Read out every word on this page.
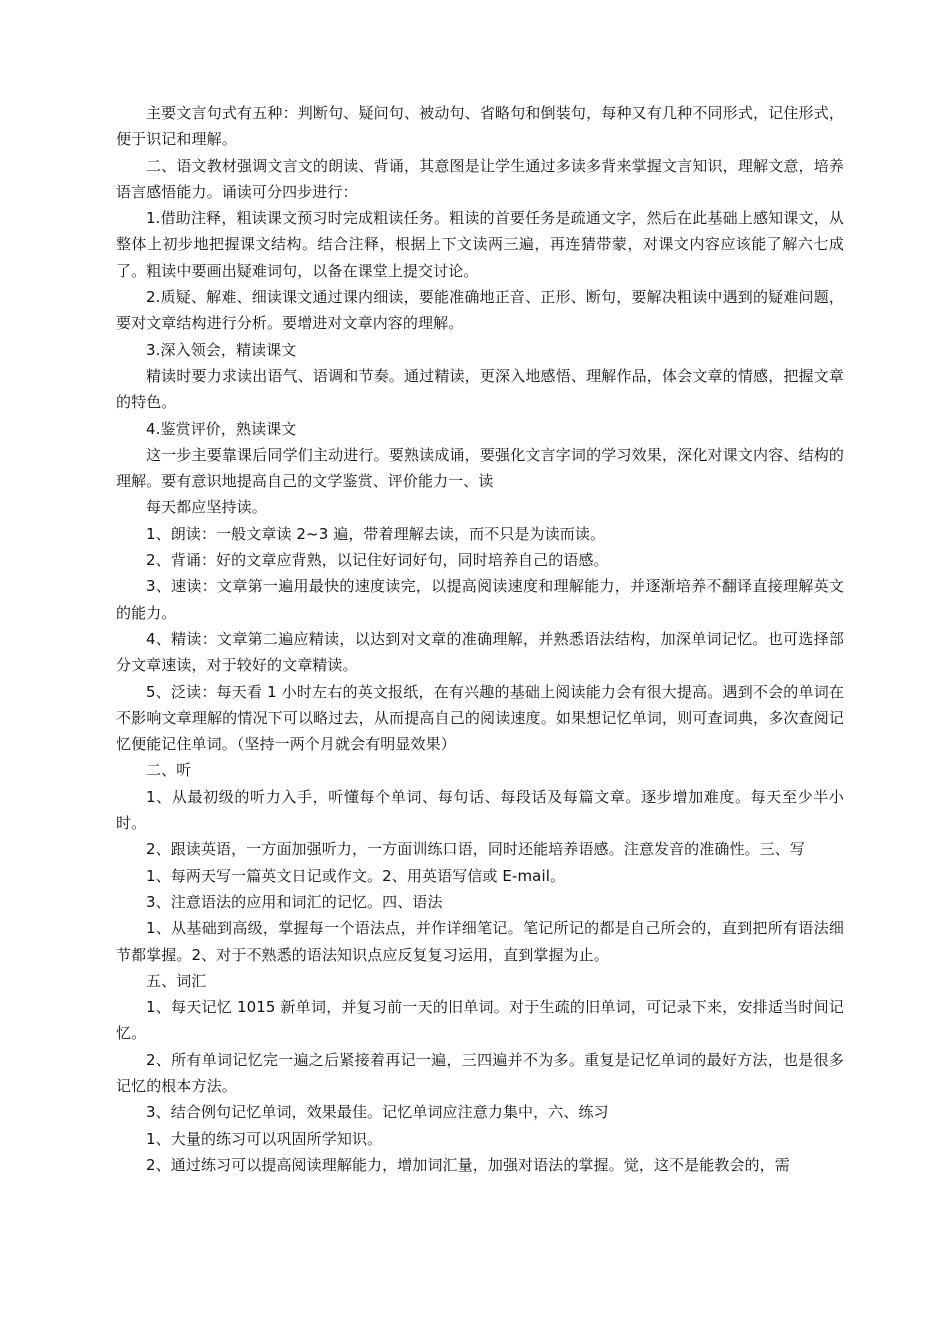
主要文言句式有五种：判断句、疑问句、被动句、省略句和倒装句，每种又有几种不同形式，记住形式，便于识记和理解。

二、语文教材强调文言文的朗读、背诵，其意图是让学生通过多读多背来掌握文言知识，理解文意，培养语言感悟能力。诵读可分四步进行：

1.借助注释，粗读课文预习时完成粗读任务。粗读的首要任务是疏通文字，然后在此基础上感知课文，从整体上初步地把握课文结构。结合注释，根据上下文读两三遍，再连猜带蒙，对课文内容应该能了解六七成了。粗读中要画出疑难词句，以备在课堂上提交讨论。

2.质疑、解难、细读课文通过课内细读，要能准确地正音、正形、断句，要解决粗读中遇到的疑难问题，要对文章结构进行分析。要增进对文章内容的理解。

3.深入领会，精读课文

精读时要力求读出语气、语调和节奏。通过精读，更深入地感悟、理解作品，体会文章的情感，把握文章的特色。

4.鉴赏评价，熟读课文

这一步主要靠课后同学们主动进行。要熟读成诵，要强化文言字词的学习效果，深化对课文内容、结构的理解。要有意识地提高自己的文学鉴赏、评价能力一、读

每天都应坚持读。

1、朗读：一般文章读 2~3 遍，带着理解去读，而不只是为读而读。

2、背诵：好的文章应背熟，以记住好词好句，同时培养自己的语感。

3、速读：文章第一遍用最快的速度读完，以提高阅读速度和理解能力，并逐渐培养不翻译直接理解英文的能力。

4、精读：文章第二遍应精读，以达到对文章的准确理解，并熟悉语法结构，加深单词记忆。也可选择部分文章速读，对于较好的文章精读。

5、泛读：每天看 1 小时左右的英文报纸，在有兴趣的基础上阅读能力会有很大提高。遇到不会的单词在不影响文章理解的情况下可以略过去，从而提高自己的阅读速度。如果想记忆单词，则可查词典，多次查阅记忆便能记住单词。（坚持一两个月就会有明显效果）

二、听

1、从最初级的听力入手，听懂每个单词、每句话、每段话及每篇文章。逐步增加难度。每天至少半小时。

2、跟读英语，一方面加强听力，一方面训练口语，同时还能培养语感。注意发音的准确性。三、写

1、每两天写一篇英文日记或作文。2、用英语写信或 E-mail。

3、注意语法的应用和词汇的记忆。四、语法

1、从基础到高级，掌握每一个语法点，并作详细笔记。笔记所记的都是自己所会的，直到把所有语法细节都掌握。2、对于不熟悉的语法知识点应反复复习运用，直到掌握为止。

五、词汇

1、每天记忆 1015 新单词，并复习前一天的旧单词。对于生疏的旧单词，可记录下来，安排适当时间记忆。

2、所有单词记忆完一遍之后紧接着再记一遍，三四遍并不为多。重复是记忆单词的最好方法，也是很多记忆的根本方法。

3、结合例句记忆单词，效果最佳。记忆单词应注意力集中，六、练习

1、大量的练习可以巩固所学知识。

2、通过练习可以提高阅读理解能力，增加词汇量，加强对语法的掌握。觉，这不是能教会的，需
